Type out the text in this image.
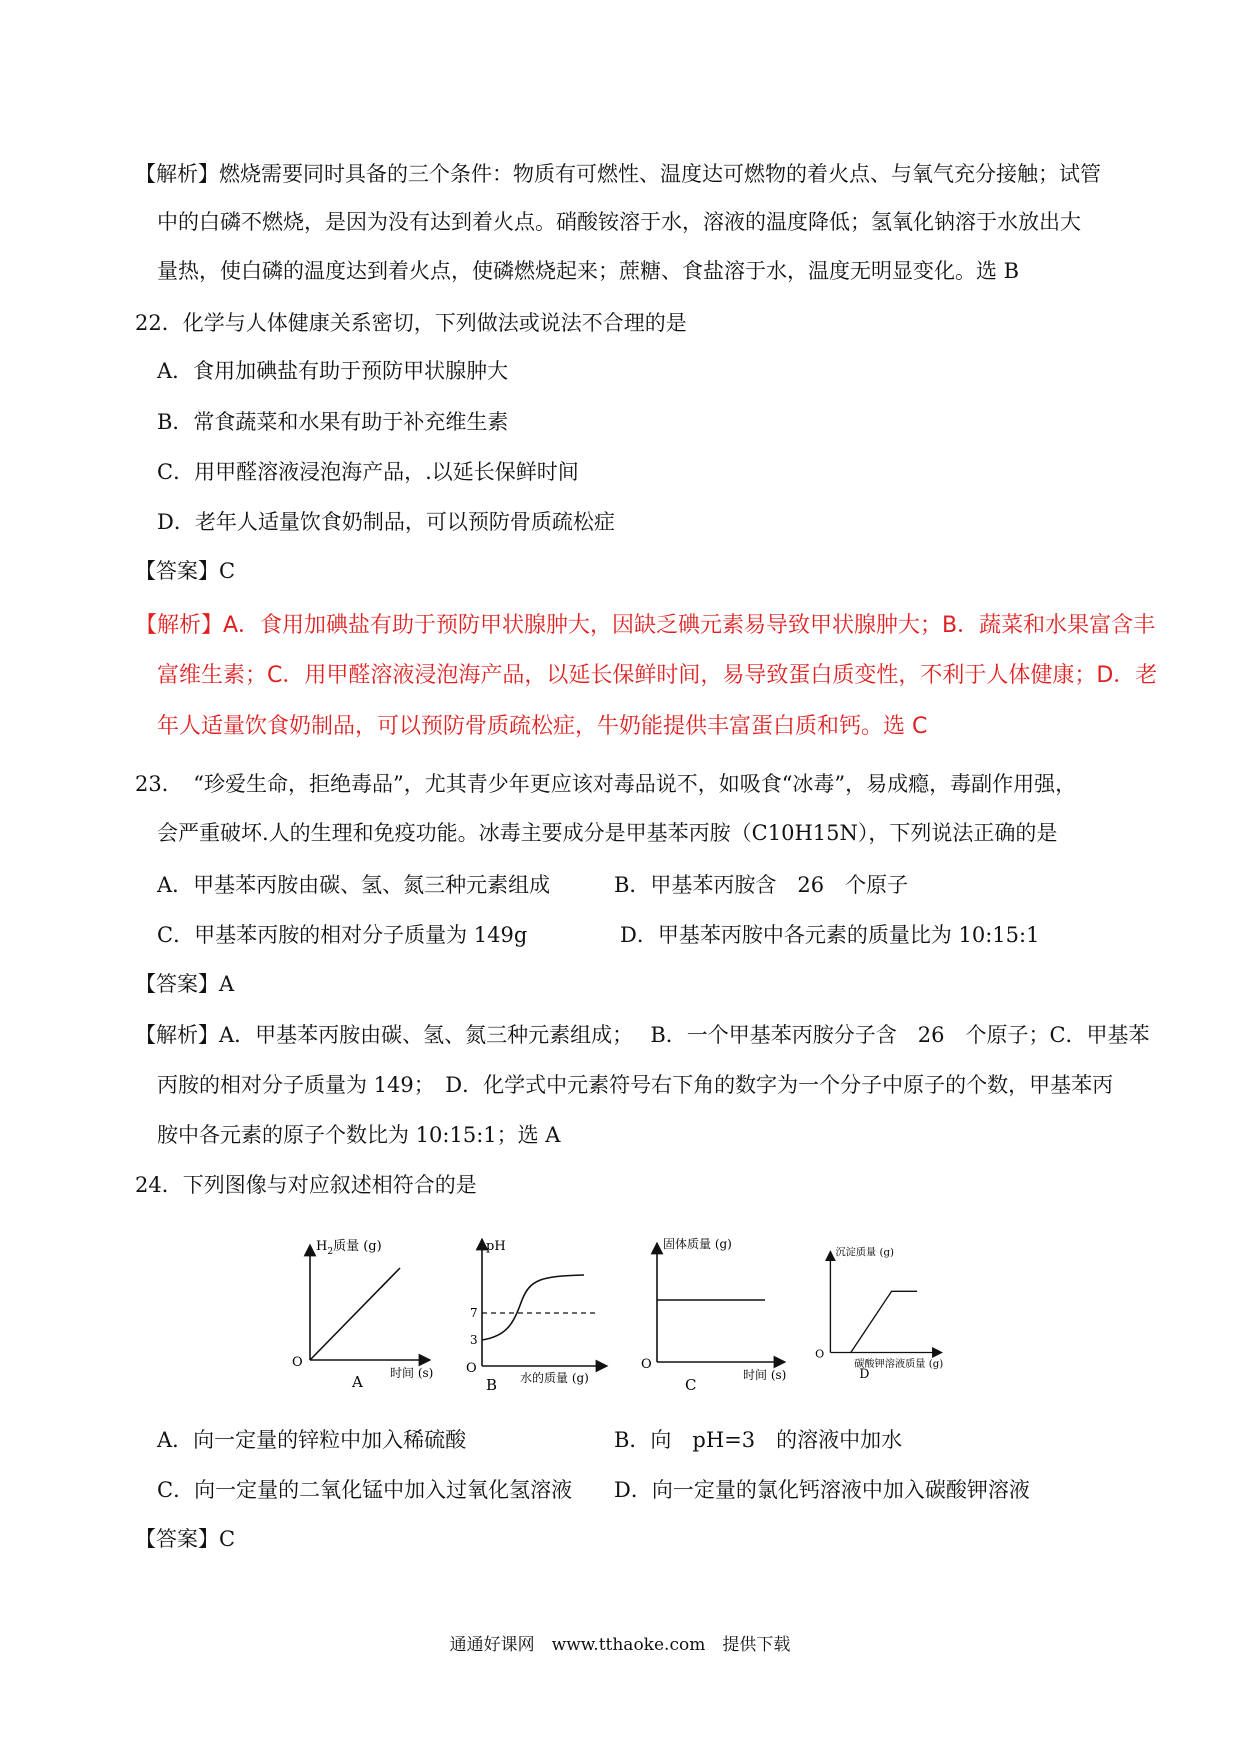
【解析】燃烧需要同时具备的三个条件：物质有可燃性、温度达可燃物的着火点、与氧气充分接触；试管
中的白磷不燃烧，是因为没有达到着火点。硝酸铵溶于水，溶液的温度降低；氢氧化钠溶于水放出大
量热，使白磷的温度达到着火点，使磷燃烧起来；蔗糖、食盐溶于水，温度无明显变化。选 B
22．化学与人体健康关系密切，下列做法或说法不合理的是
A．食用加碘盐有助于预防甲状腺肿大
B．常食蔬菜和水果有助于补充维生素
C．用甲醛溶液浸泡海产品，.以延长保鲜时间
D．老年人适量饮食奶制品，可以预防骨质疏松症
【答案】C
【解析】A．食用加碘盐有助于预防甲状腺肿大，因缺乏碘元素易导致甲状腺肿大；B．蔬菜和水果富含丰
富维生素；C．用甲醛溶液浸泡海产品，以延长保鲜时间，易导致蛋白质变性，不利于人体健康；D．老
年人适量饮食奶制品，可以预防骨质疏松症，牛奶能提供丰富蛋白质和钙。选 C
23．　“珍爱生命，拒绝毒品”，尤其青少年更应该对毒品说不，如吸食“冰毒”，易成瘾，毒副作用强，
会严重破坏.人的生理和免疫功能。冰毒主要成分是甲基苯丙胺（C10H15N），下列说法正确的是
A．甲基苯丙胺由碳、氢、氮三种元素组成	B．甲基苯丙胺含　26　个原子
C．甲基苯丙胺的相对分子质量为 149g	D．甲基苯丙胺中各元素的质量比为 10:15:1
【答案】A
【解析】A．甲基苯丙胺由碳、氢、氮三种元素组成；　 B．一个甲基苯丙胺分子含　26　个原子；C．甲基苯
丙胺的相对分子质量为 149；　D．化学式中元素符号右下角的数字为一个分子中原子的个数，甲基苯丙
胺中各元素的原子个数比为 10:15:1；选 A
24．下列图像与对应叙述相符合的是
$H_2$质量 (g)
O
时间 (s)
A
pH
7
3
O
水的质量 (g)
B
固体质量 (g)
O
时间 (s)
C
沉淀质量 (g)
O
碳酸钾溶液质量 (g)
D
A．向一定量的锌粒中加入稀硫酸	B．向　pH=3　的溶液中加水
C．向一定量的二氧化锰中加入过氧化氢溶液 D．向一定量的氯化钙溶液中加入碳酸钾溶液
【答案】C
通通好课网　www.tthaoke.com　提供下载
